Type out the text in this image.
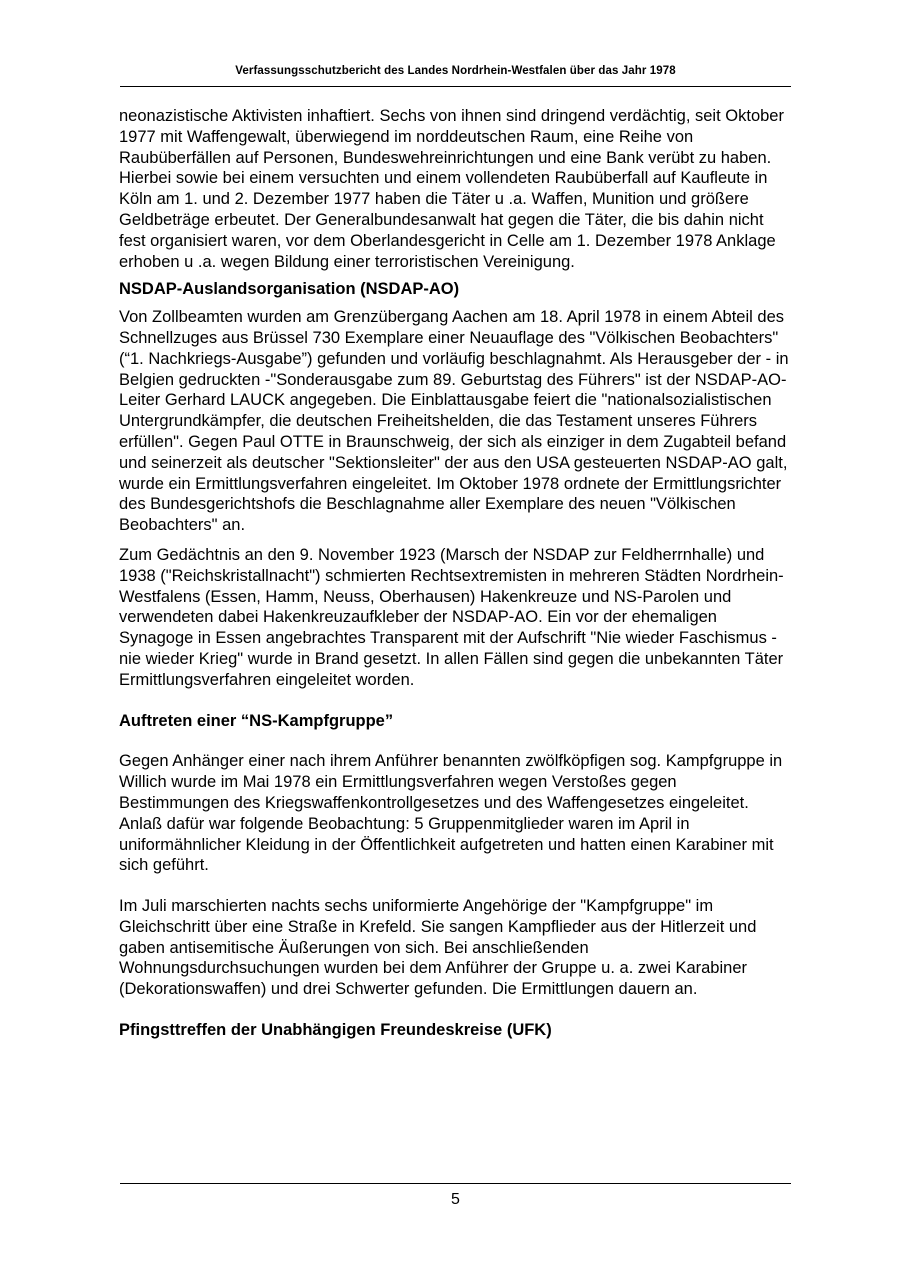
Verfassungsschutzbericht des Landes Nordrhein-Westfalen über das Jahr 1978

neonazistische Aktivisten inhaftiert. Sechs von ihnen sind dringend verdächtig, seit Oktober 1977 mit Waffengewalt, überwiegend im norddeutschen Raum, eine Reihe von Raubüberfällen auf Personen, Bundeswehreinrichtungen und eine Bank verübt zu haben. Hierbei sowie bei einem versuchten und einem vollendeten Raubüberfall auf Kaufleute in Köln am 1. und 2. Dezember 1977 haben die Täter u .a. Waffen, Munition und größere Geldbeträge erbeutet. Der Generalbundesanwalt hat gegen die Täter, die bis dahin nicht fest organisiert waren, vor dem Oberlandesgericht in Celle am 1. Dezember 1978 Anklage erhoben u .a. wegen Bildung einer terroristischen Vereinigung.

NSDAP-Auslandsorganisation (NSDAP-AO)

Von Zollbeamten wurden am Grenzübergang Aachen am 18. April 1978 in einem Abteil des Schnellzuges aus Brüssel 730 Exemplare einer Neuauflage des "Völkischen Beobachters" (“1. Nachkriegs-Ausgabe”) gefunden und vorläufig beschlagnahmt. Als Herausgeber der - in Belgien gedruckten -"Sonderausgabe zum 89. Geburtstag des Führers" ist der NSDAP-AO-Leiter Gerhard LAUCK angegeben. Die Einblattausgabe feiert die "nationalsozialistischen Untergrundkämpfer, die deutschen Freiheitshelden, die das Testament unseres Führers erfüllen". Gegen Paul OTTE in Braunschweig, der sich als einziger in dem Zugabteil befand und seinerzeit als deutscher "Sektionsleiter" der aus den USA gesteuerten NSDAP-AO galt, wurde ein Ermittlungsverfahren eingeleitet. Im Oktober 1978 ordnete der Ermittlungsrichter des Bundesgerichtshofs die Beschlagnahme aller Exemplare des neuen "Völkischen Beobachters" an.

Zum Gedächtnis an den 9. November 1923 (Marsch der NSDAP zur Feldherrnhalle) und 1938 ("Reichskristallnacht") schmierten Rechtsextremisten in mehreren Städten Nordrhein-Westfalens (Essen, Hamm, Neuss, Oberhausen) Hakenkreuze und NS-Parolen und verwendeten dabei Hakenkreuzaufkleber der NSDAP-AO. Ein vor der ehemaligen Synagoge in Essen angebrachtes Transparent mit der Aufschrift "Nie wieder Faschismus - nie wieder Krieg" wurde in Brand gesetzt. In allen Fällen sind gegen die unbekannten Täter Ermittlungsverfahren eingeleitet worden.

Auftreten einer “NS-Kampfgruppe”

Gegen Anhänger einer nach ihrem Anführer benannten zwölfköpfigen sog. Kampfgruppe in Willich wurde im Mai 1978 ein Ermittlungsverfahren wegen Verstoßes gegen Bestimmungen des Kriegswaffenkontrollgesetzes und des Waffengesetzes eingeleitet. Anlaß dafür war folgende Beobachtung: 5 Gruppenmitglieder waren im April in uniformähnlicher Kleidung in der Öffentlichkeit aufgetreten und hatten einen Karabiner mit sich geführt.

Im Juli marschierten nachts sechs uniformierte Angehörige der "Kampfgruppe" im Gleichschritt über eine Straße in Krefeld. Sie sangen Kampflieder aus der Hitlerzeit und gaben antisemitische Äußerungen von sich. Bei anschließenden Wohnungsdurchsuchungen wurden bei dem Anführer der Gruppe u. a. zwei Karabiner (Dekorationswaffen) und drei Schwerter gefunden. Die Ermittlungen dauern an.

Pfingsttreffen der Unabhängigen Freundeskreise (UFK)
5
